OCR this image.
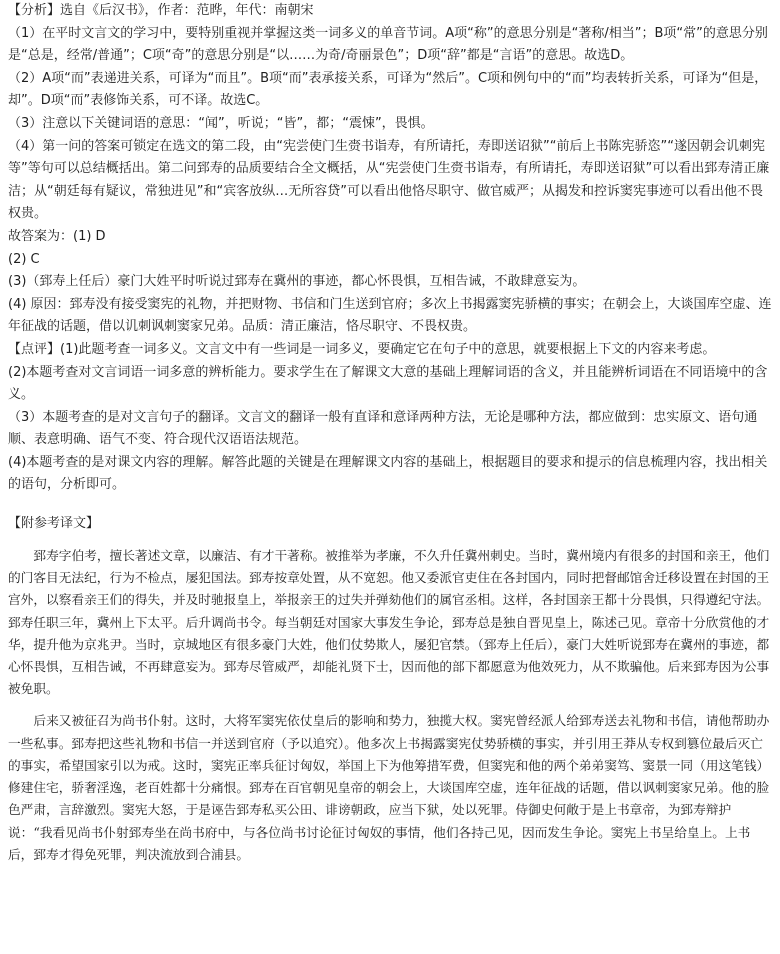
【分析】选自《后汉书》，作者：范晔，年代：南朝宋

（1）在平时文言文的学习中，要特别重视并掌握这类一词多义的单音节词。A项“称”的意思分别是“著称/相当”；B项“常”的意思分别是“总是，经常/普通”；C项“奇”的意思分别是“以……为奇/奇丽景色”；D项“辞”都是“言语”的意思。故选D。

（2）A项“而”表递进关系，可译为“而且”。B项“而”表承接关系，可译为“然后”。C项和例句中的“而”均表转折关系，可译为“但是，却”。D项“而”表修饰关系，可不译。故选C。

（3）注意以下关键词语的意思：“闻”，听说；“皆”，都；“震悚”，畏惧。

（4）第一问的答案可锁定在选文的第二段，由“宪尝使门生赍书诣寿，有所请托，寿即送诏狱”“前后上书陈宪骄恣”“遂因朝会讥刺宪等”等句可以总结概括出。第二问郅寿的品质要结合全文概括，从“宪尝使门生赍书诣寿，有所请托，寿即送诏狱”可以看出郅寿清正廉洁；从“朝廷每有疑议，常独进见”和“宾客放纵…无所容贷”可以看出他恪尽职守、做官威严；从揭发和控诉窦宪事迹可以看出他不畏权贵。

故答案为：(1) D

(2) C

(3)（郅寿上任后）豪门大姓平时听说过郅寿在冀州的事迹，都心怀畏惧，互相告诫，不敢肆意妄为。

(4) 原因：郅寿没有接受窦宪的礼物，并把财物、书信和门生送到官府；多次上书揭露窦宪骄横的事实；在朝会上，大谈国库空虚、连年征战的话题，借以讥刺讽刺窦家兄弟。品质：清正廉洁，恪尽职守、不畏权贵。

【点评】(1)此题考查一词多义。文言文中有一些词是一词多义，要确定它在句子中的意思，就要根据上下文的内容来考虑。

(2)本题考查对文言词语一词多意的辨析能力。要求学生在了解课文大意的基础上理解词语的含义，并且能辨析词语在不同语境中的含义。

（3）本题考查的是对文言句子的翻译。文言文的翻译一般有直译和意译两种方法，无论是哪种方法，都应做到：忠实原文、语句通顺、表意明确、语气不变、符合现代汉语语法规范。

(4)本题考查的是对课文内容的理解。解答此题的关键是在理解课文内容的基础上，根据题目的要求和提示的信息梳理内容，找出相关的语句，分析即可。

【附参考译文】

郅寿字伯考，擅长著述文章，以廉洁、有才干著称。被推举为孝廉，不久升任冀州刺史。当时，冀州境内有很多的封国和亲王，他们的门客目无法纪，行为不检点，屡犯国法。郅寿按章处置，从不宽恕。他又委派官吏住在各封国内，同时把督邮馆舍迁移设置在封国的王宫外，以察看亲王们的得失，并及时驰报皇上，举报亲王的过失并弹劾他们的属官丞相。这样，各封国亲王都十分畏惧，只得遵纪守法。 郅寿任职三年，冀州上下太平。后升调尚书令。每当朝廷对国家大事发生争论，郅寿总是独自晋见皇上，陈述己见。章帝十分欣赏他的才华，提升他为京兆尹。当时，京城地区有很多豪门大姓，他们仗势欺人，屡犯官禁。（郅寿上任后），豪门大姓听说郅寿在冀州的事迹，都心怀畏惧，互相告诫，不再肆意妄为。郅寿尽管威严，却能礼贤下士，因而他的部下都愿意为他效死力，从不欺骗他。后来郅寿因为公事被免职。

后来又被征召为尚书仆射。这时，大将军窦宪依仗皇后的影响和势力，独揽大权。窦宪曾经派人给郅寿送去礼物和书信，请他帮助办一些私事。郅寿把这些礼物和书信一并送到官府（予以追究）。他多次上书揭露窦宪仗势骄横的事实，并引用王莽从专权到篡位最后灭亡的事实，希望国家引以为戒。这时，窦宪正率兵征讨匈奴，举国上下为他筹措军费，但窦宪和他的两个弟弟窦笃、窦景一同（用这笔钱）修建住宅，骄奢淫逸，老百姓都十分痛恨。郅寿在百官朝见皇帝的朝会上，大谈国库空虚，连年征战的话题，借以讽刺窦家兄弟。他的脸色严肃，言辞激烈。窦宪大怒，于是诬告郅寿私买公田、诽谤朝政，应当下狱，处以死罪。侍御史何敞于是上书章帝，为郅寿辩护说：“我看见尚书仆射郅寿坐在尚书府中，与各位尚书讨论征讨匈奴的事情，他们各持己见，因而发生争论。窦宪上书呈给皇上。上书后，郅寿才得免死罪，判决流放到合浦县。
